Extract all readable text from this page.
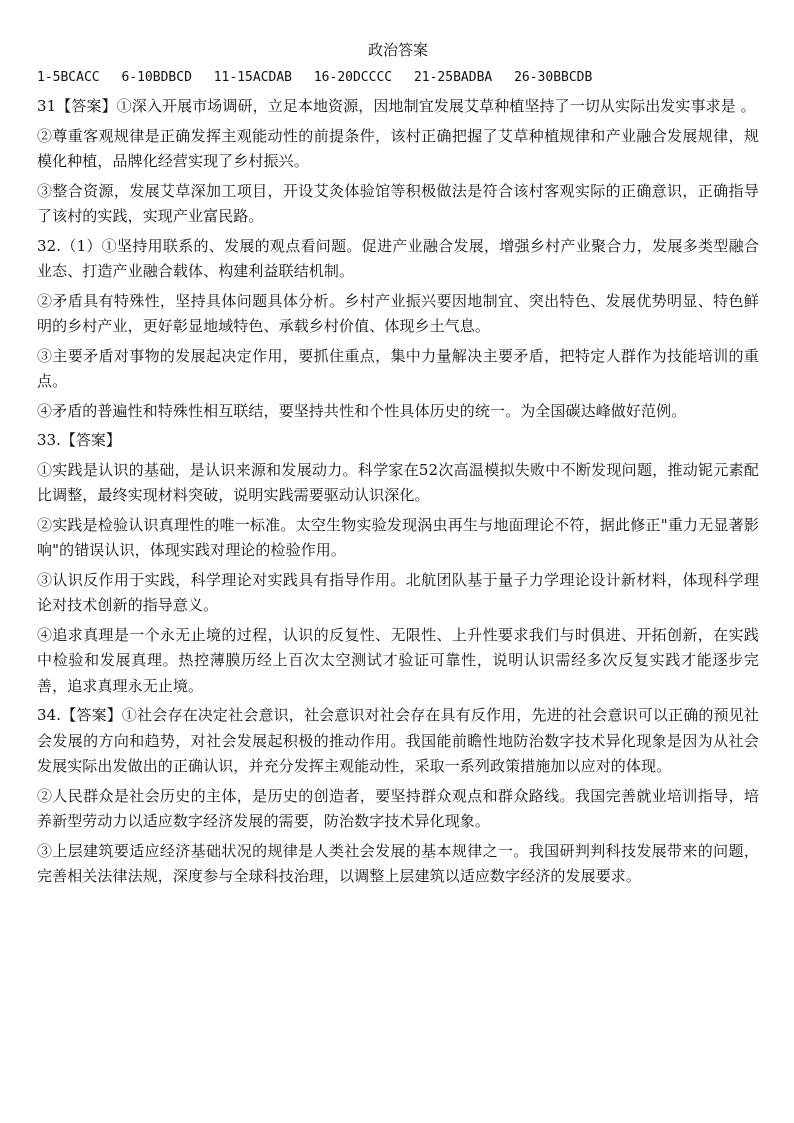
政治答案
1-5BCACC 6-10BDBCD 11-15ACDAB 16-20DCCCC 21-25BADBA 26-30BBCDB

31【答案】①深入开展市场调研，立足本地资源，因地制宜发展艾草种植坚持了一切从实际出发实事求是 。

②尊重客观规律是正确发挥主观能动性的前提条件，该村正确把握了艾草种植规律和产业融合发展规律，规模化种植，品牌化经营实现了乡村振兴。

③整合资源，发展艾草深加工项目，开设艾灸体验馆等积极做法是符合该村客观实际的正确意识，正确指导了该村的实践，实现产业富民路。

32.（1）①坚持用联系的、发展的观点看问题。促进产业融合发展，增强乡村产业聚合力，发展多类型融合业态、打造产业融合载体、构建利益联结机制。

②矛盾具有特殊性，坚持具体问题具体分析。乡村产业振兴要因地制宜、突出特色、发展优势明显、特色鲜明的乡村产业，更好彰显地域特色、承载乡村价值、体现乡土气息。

③主要矛盾对事物的发展起决定作用，要抓住重点，集中力量解决主要矛盾，把特定人群作为技能培训的重点。

④矛盾的普遍性和特殊性相互联结，要坚持共性和个性具体历史的统一。为全国碳达峰做好范例。

33.【答案】

①实践是认识的基础，是认识来源和发展动力。科学家在52次高温模拟失败中不断发现问题，推动铌元素配比调整，最终实现材料突破，说明实践需要驱动认识深化。

②实践是检验认识真理性的唯一标准。太空生物实验发现涡虫再生与地面理论不符，据此修正"重力无显著影响"的错误认识，体现实践对理论的检验作用。

③认识反作用于实践，科学理论对实践具有指导作用。北航团队基于量子力学理论设计新材料，体现科学理论对技术创新的指导意义。

④追求真理是一个永无止境的过程，认识的反复性、无限性、上升性要求我们与时俱进、开拓创新，在实践中检验和发展真理。热控薄膜历经上百次太空测试才验证可靠性，说明认识需经多次反复实践才能逐步完善，追求真理永无止境。

34.【答案】①社会存在决定社会意识，社会意识对社会存在具有反作用，先进的社会意识可以正确的预见社会发展的方向和趋势，对社会发展起积极的推动作用。我国能前瞻性地防治数字技术异化现象是因为从社会发展实际出发做出的正确认识，并充分发挥主观能动性，采取一系列政策措施加以应对的体现。

②人民群众是社会历史的主体，是历史的创造者，要坚持群众观点和群众路线。我国完善就业培训指导，培养新型劳动力以适应数字经济发展的需要，防治数字技术异化现象。

③上层建筑要适应经济基础状况的规律是人类社会发展的基本规律之一。我国研判判科技发展带来的问题，完善相关法律法规，深度参与全球科技治理，以调整上层建筑以适应数字经济的发展要求。
